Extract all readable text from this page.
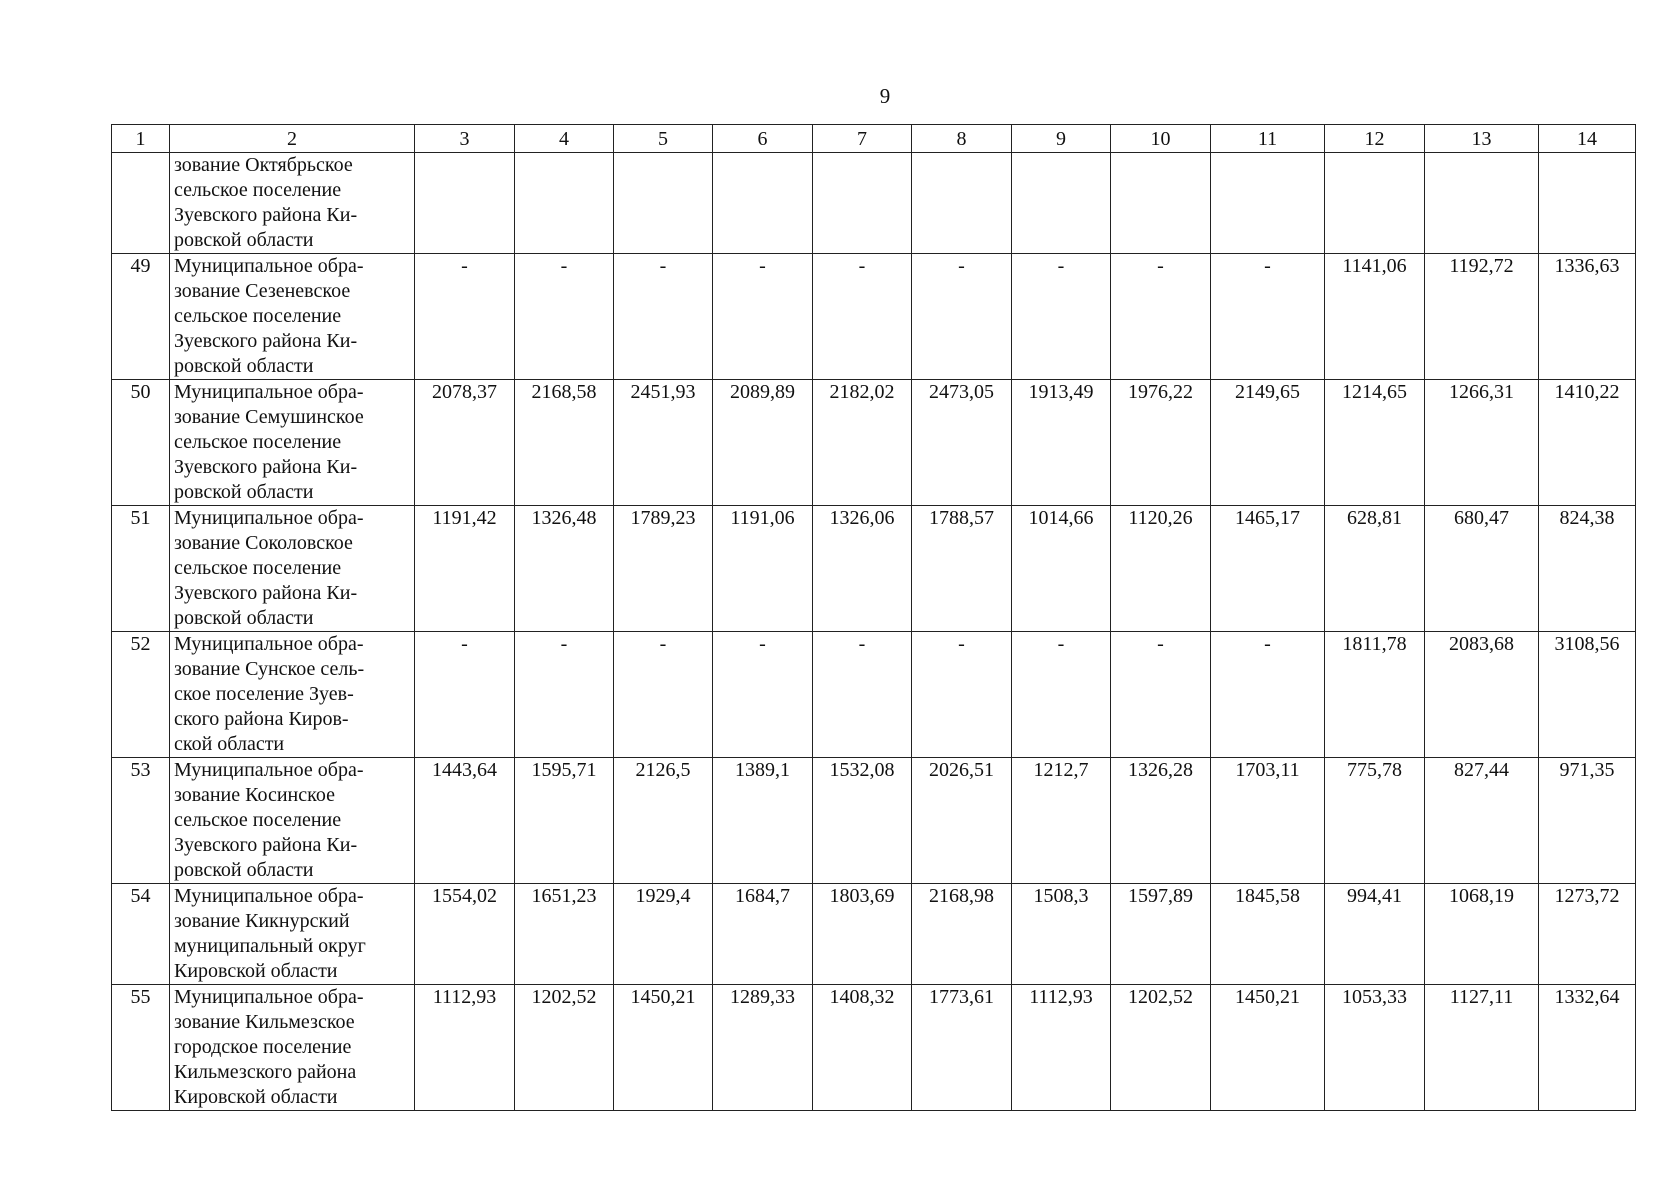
9
1	2	3	4	5	6	7	8	9	10	11	12	13	14
	зование Октябрьское
сельское поселение
Зуевского района Ки-
ровской области												
49	Муниципальное обра-
зование Сезеневское
сельское поселение
Зуевского района Ки-
ровской области	-	-	-	-	-	-	-	-	-	1141,06	1192,72	1336,63
50	Муниципальное обра-
зование Семушинское
сельское поселение
Зуевского района Ки-
ровской области	2078,37	2168,58	2451,93	2089,89	2182,02	2473,05	1913,49	1976,22	2149,65	1214,65	1266,31	1410,22
51	Муниципальное обра-
зование Соколовское
сельское поселение
Зуевского района Ки-
ровской области	1191,42	1326,48	1789,23	1191,06	1326,06	1788,57	1014,66	1120,26	1465,17	628,81	680,47	824,38
52	Муниципальное обра-
зование Сунское сель-
ское поселение Зуев-
ского района Киров-
ской области	-	-	-	-	-	-	-	-	-	1811,78	2083,68	3108,56
53	Муниципальное обра-
зование Косинское
сельское поселение
Зуевского района Ки-
ровской области	1443,64	1595,71	2126,5	1389,1	1532,08	2026,51	1212,7	1326,28	1703,11	775,78	827,44	971,35
54	Муниципальное обра-
зование Кикнурский
муниципальный округ
Кировской области	1554,02	1651,23	1929,4	1684,7	1803,69	2168,98	1508,3	1597,89	1845,58	994,41	1068,19	1273,72
55	Муниципальное обра-
зование Кильмезское
городское поселение
Кильмезского района
Кировской области	1112,93	1202,52	1450,21	1289,33	1408,32	1773,61	1112,93	1202,52	1450,21	1053,33	1127,11	1332,64
